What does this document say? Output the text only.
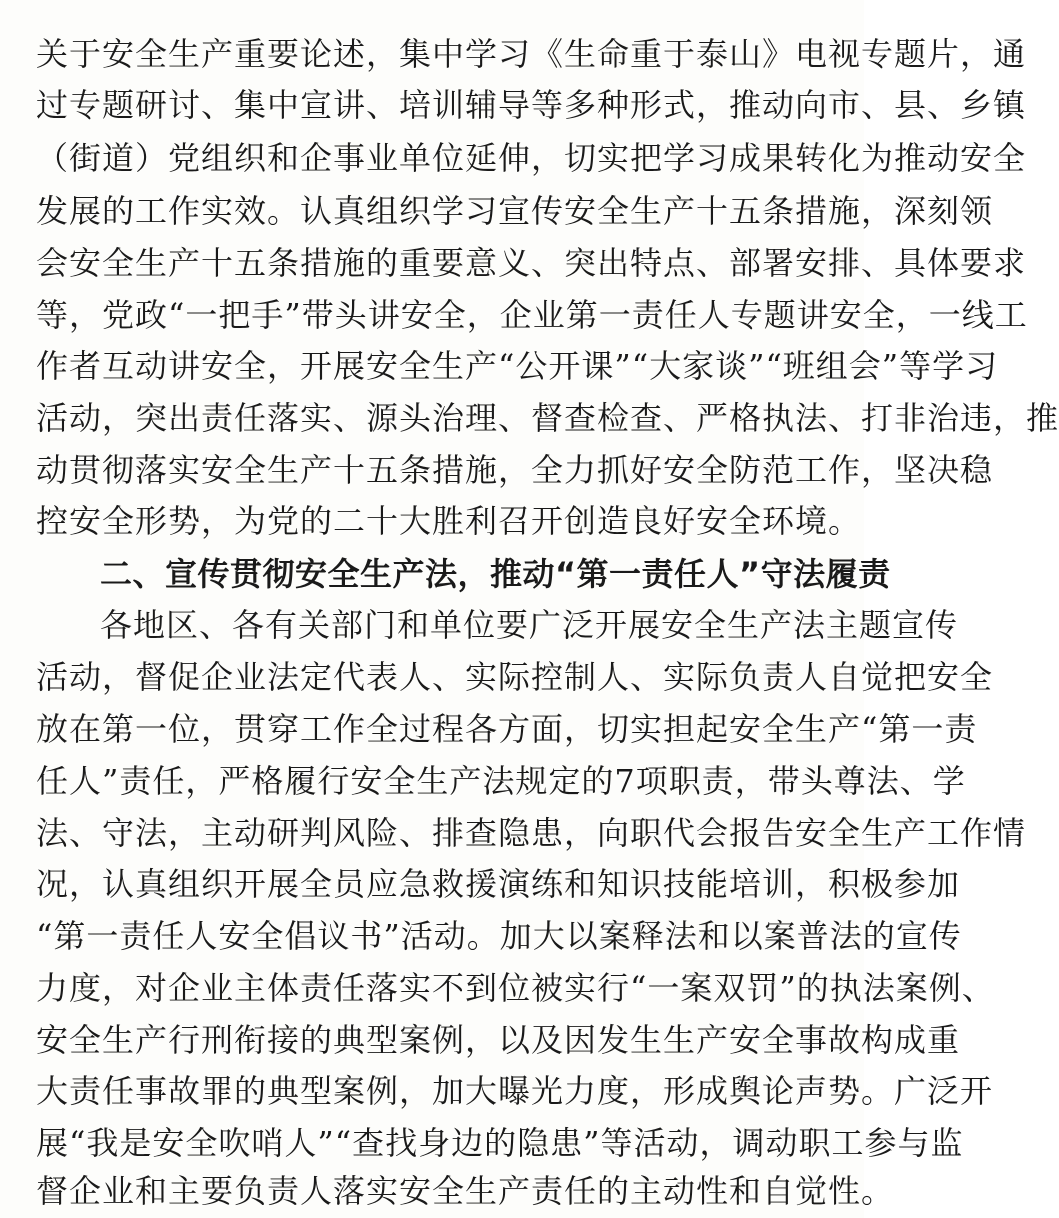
关于安全生产重要论述，集中学习《生命重于泰山》电视专题片，通
过专题研讨、集中宣讲、培训辅导等多种形式，推动向市、县、乡镇
（街道）党组织和企事业单位延伸，切实把学习成果转化为推动安全
发展的工作实效。认真组织学习宣传安全生产十五条措施，深刻领
会安全生产十五条措施的重要意义、突出特点、部署安排、具体要求
等，党政“一把手”带头讲安全，企业第一责任人专题讲安全，一线工
作者互动讲安全，开展安全生产“公开课”“大家谈”“班组会”等学习
活动，突出责任落实、源头治理、督查检查、严格执法、打非治违，推
动贯彻落实安全生产十五条措施，全力抓好安全防范工作，坚决稳
控安全形势，为党的二十大胜利召开创造良好安全环境。
二、宣传贯彻安全生产法，推动“第一责任人”守法履责
各地区、各有关部门和单位要广泛开展安全生产法主题宣传
活动，督促企业法定代表人、实际控制人、实际负责人自觉把安全
放在第一位，贯穿工作全过程各方面，切实担起安全生产“第一责
任人”责任，严格履行安全生产法规定的7项职责，带头尊法、学
法、守法，主动研判风险、排查隐患，向职代会报告安全生产工作情
况，认真组织开展全员应急救援演练和知识技能培训，积极参加
“第一责任人安全倡议书”活动。加大以案释法和以案普法的宣传
力度，对企业主体责任落实不到位被实行“一案双罚”的执法案例、
安全生产行刑衔接的典型案例，以及因发生生产安全事故构成重
大责任事故罪的典型案例，加大曝光力度，形成舆论声势。广泛开
展“我是安全吹哨人”“查找身边的隐患”等活动，调动职工参与监
督企业和主要负责人落实安全生产责任的主动性和自觉性。
